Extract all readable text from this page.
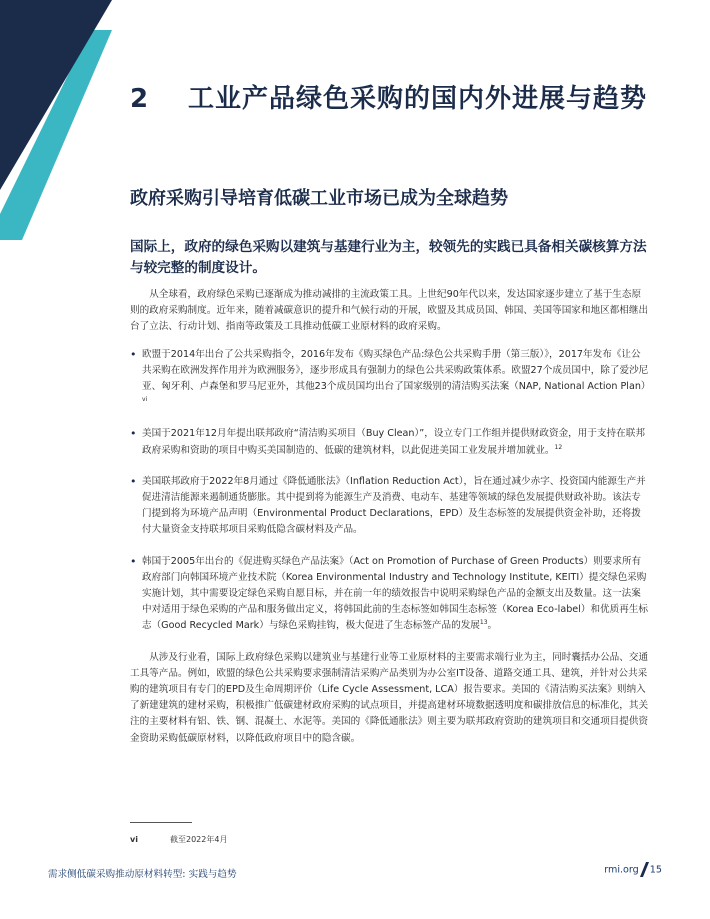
2 工业产品绿色采购的国内外进展与趋势
政府采购引导培育低碳工业市场已成为全球趋势
国际上，政府的绿色采购以建筑与基建行业为主，较领先的实践已具备相关碳核算方法与较完整的制度设计。

从全球看，政府绿色采购已逐渐成为推动减排的主流政策工具。上世纪90年代以来，发达国家逐步建立了基于生态原则的政府采购制度。近年来，随着减碳意识的提升和气候行动的开展，欧盟及其成员国、韩国、美国等国家和地区都相继出台了立法、行动计划、指南等政策及工具推动低碳工业原材料的政府采购。

• 欧盟于2014年出台了公共采购指令，2016年发布《购买绿色产品:绿色公共采购手册（第三版）》，2017年发布《让公共采购在欧洲发挥作用并为欧洲服务》，逐步形成具有强制力的绿色公共采购政策体系。欧盟27个成员国中，除了爱沙尼亚、匈牙利、卢森堡和罗马尼亚外，其他23个成员国均出台了国家级别的清洁购买法案（NAP, National Action Plan）$^{vi}$
• 美国于2021年12月年提出联邦政府“清洁购买项目（Buy Clean）”，设立专门工作组并提供财政资金，用于支持在联邦政府采购和资助的项目中购买美国制造的、低碳的建筑材料，以此促进美国工业发展并增加就业。$^{12}$
• 美国联邦政府于2022年8月通过《降低通胀法》（Inflation Reduction Act），旨在通过减少赤字、投资国内能源生产并促进清洁能源来遏制通货膨胀。其中提到将为能源生产及消费、电动车、基建等领域的绿色发展提供财政补助。该法专门提到将为环境产品声明（Environmental Product Declarations，EPD）及生态标签的发展提供资金补助，还将拨付大量资金支持联邦项目采购低隐含碳材料及产品。
• 韩国于2005年出台的《促进购买绿色产品法案》（Act on Promotion of Purchase of Green Products）则要求所有政府部门向韩国环境产业技术院（Korea Environmental Industry and Technology Institute, KEITI）提交绿色采购实施计划，其中需要设定绿色采购自愿目标，并在前一年的绩效报告中说明采购绿色产品的金额支出及数量。这一法案中对适用于绿色采购的产品和服务做出定义，将韩国此前的生态标签如韩国生态标签（Korea Eco-label）和优质再生标志（Good Recycled Mark）与绿色采购挂钩，极大促进了生态标签产品的发展$^{13}$。

从涉及行业看，国际上政府绿色采购以建筑业与基建行业等工业原材料的主要需求端行业为主，同时囊括办公品、交通工具等产品。例如，欧盟的绿色公共采购要求强制清洁采购产品类别为办公室IT设备、道路交通工具、建筑，并针对公共采购的建筑项目有专门的EPD及生命周期评价（Life Cycle Assessment, LCA）报告要求。美国的《清洁购买法案》则纳入了新建建筑的建材采购，积极推广低碳建材政府采购的试点项目，并提高建材环境数据透明度和碳排放信息的标准化，其关注的主要材料有铝、铁、钢、混凝土、水泥等。美国的《降低通胀法》则主要为联邦政府资助的建筑项目和交通项目提供资金资助采购低碳原材料，以降低政府项目中的隐含碳。

vi	截至2022年4月
需求侧低碳采购推动原材料转型: 实践与趋势	rmi.org 15
